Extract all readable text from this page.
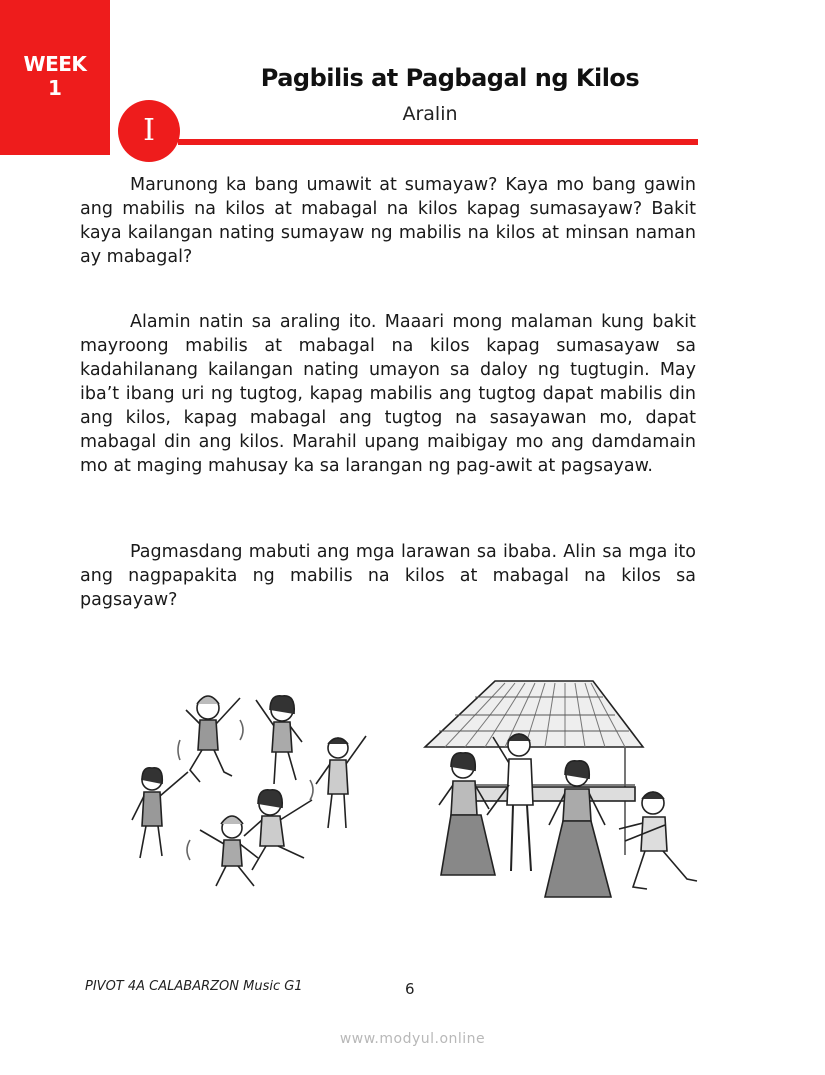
WEEK
1	Pagbilis at Pagbagal ng Kilos
Aralin
I

Marunong ka bang umawit at sumayaw? Kaya mo bang gawin ang mabilis na kilos at mabagal na kilos kapag sumasayaw? Bakit kaya kailangan nating sumayaw ng mabilis na kilos at minsan naman ay mabagal?

Alamin natin sa araling ito. Maaari mong malaman kung bakit mayroong mabilis at mabagal na kilos kapag sumasayaw sa kadahilanang kailangan nating umayon sa daloy ng tugtugin. May iba’t ibang uri ng tugtog, kapag mabilis ang tugtog dapat mabilis din ang kilos, kapag mabagal ang tugtog na sasayawan mo, dapat mabagal din ang kilos. Marahil upang maibigay mo ang damdamain mo at maging mahusay ka sa larangan ng pag-awit at pagsayaw.

Pagmasdang mabuti ang mga larawan sa ibaba. Alin sa mga ito ang nagpapakita ng mabilis na kilos at mabagal na kilos sa pagsayaw?

PIVOT 4A CALABARZON Music G1	6
www.modyul.online
